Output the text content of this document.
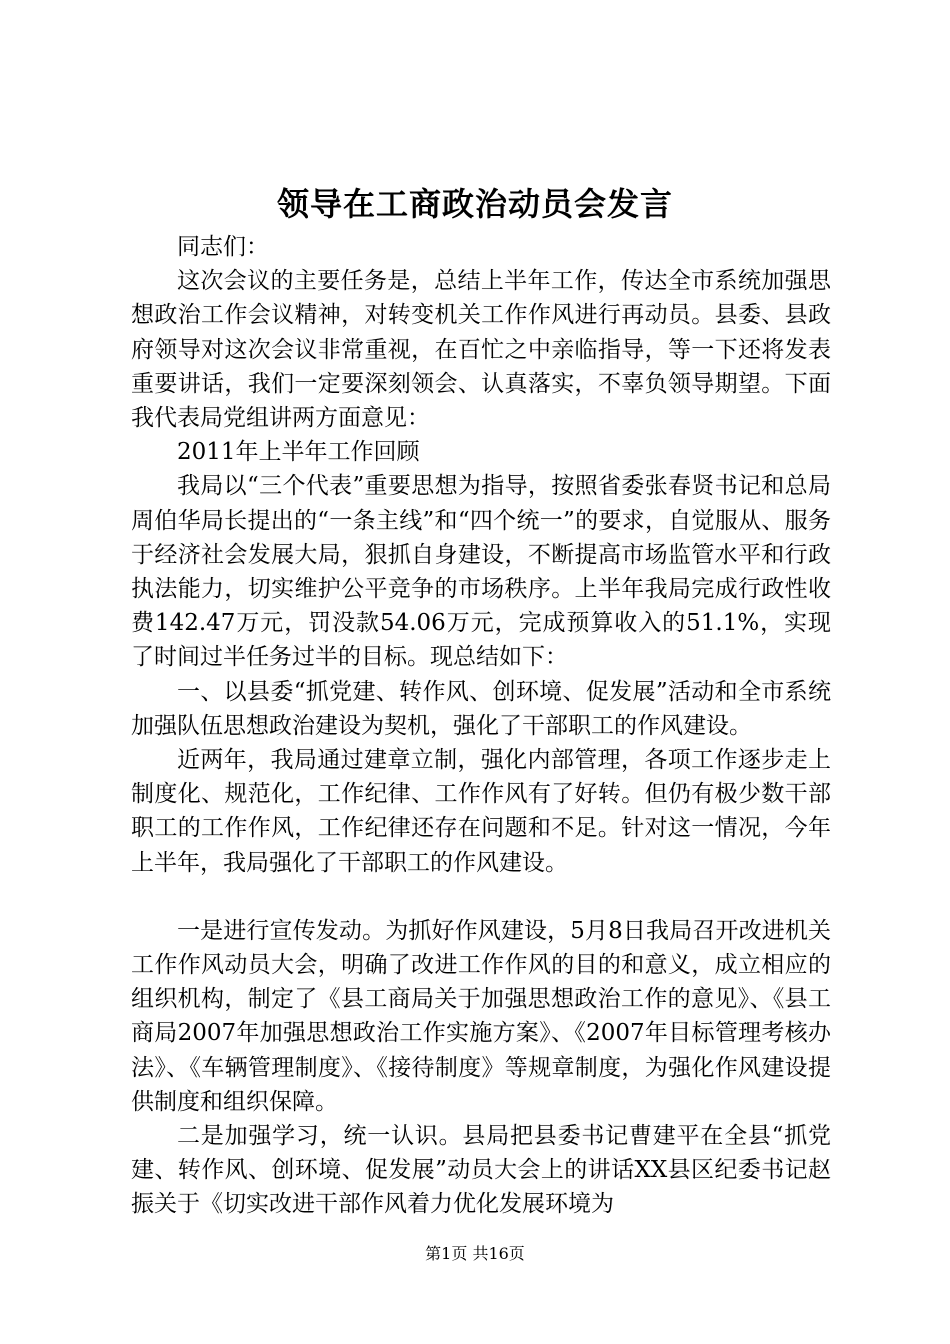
领导在工商政治动员会发言

同志们：

这次会议的主要任务是，总结上半年工作，传达全市系统加强思想政治工作会议精神，对转变机关工作作风进行再动员。县委、县政府领导对这次会议非常重视，在百忙之中亲临指导，等一下还将发表重要讲话，我们一定要深刻领会、认真落实，不辜负领导期望。下面我代表局党组讲两方面意见：

2011年上半年工作回顾

我局以“三个代表”重要思想为指导，按照省委张春贤书记和总局周伯华局长提出的“一条主线”和“四个统一”的要求，自觉服从、服务于经济社会发展大局，狠抓自身建设，不断提高市场监管水平和行政执法能力，切实维护公平竞争的市场秩序。上半年我局完成行政性收费142.47万元，罚没款54.06万元，完成预算收入的51.1%，实现了时间过半任务过半的目标。现总结如下：

一、以县委“抓党建、转作风、创环境、促发展”活动和全市系统加强队伍思想政治建设为契机，强化了干部职工的作风建设。

近两年，我局通过建章立制，强化内部管理，各项工作逐步走上制度化、规范化，工作纪律、工作作风有了好转。但仍有极少数干部职工的工作作风，工作纪律还存在问题和不足。针对这一情况，今年上半年，我局强化了干部职工的作风建设。

一是进行宣传发动。为抓好作风建设，5月8日我局召开改进机关工作作风动员大会，明确了改进工作作风的目的和意义，成立相应的组织机构，制定了《县工商局关于加强思想政治工作的意见》、《县工商局2007年加强思想政治工作实施方案》、《2007年目标管理考核办法》、《车辆管理制度》、《接待制度》等规章制度，为强化作风建设提供制度和组织保障。

二是加强学习，统一认识。县局把县委书记曹建平在全县“抓党建、转作风、创环境、促发展”动员大会上的讲话XX县区纪委书记赵振关于《切实改进干部作风着力优化发展环境为

第1页 共16页
